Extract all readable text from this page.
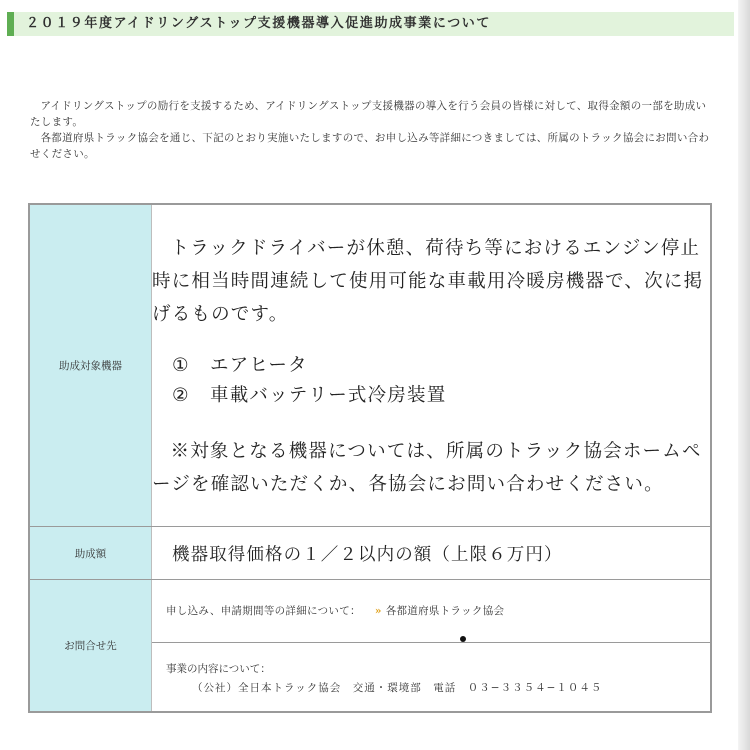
２０１９年度アイドリングストップ支援機器導入促進助成事業について

アイドリングストップの励行を支援するため、アイドリングストップ支援機器の導入を行う会員の皆様に対して、取得金額の一部を助成いたします。

各都道府県トラック協会を通じ、下記のとおり実施いたしますので、お申し込み等詳細につきましては、所属のトラック協会にお問い合わせください。

助成対象機器
トラックドライバーが休憩、荷待ち等におけるエンジン停止時に相当時間連続して使用可能な車載用冷暖房機器で、次に掲げるものです。
① エアヒータ
② 車載バッテリー式冷房装置
※対象となる機器については、所属のトラック協会ホームページを確認いただくか、各協会にお問い合わせください。
助成額	機器取得価格の１／２以内の額（上限６万円）
お問合せ先
申し込み、申請期間等の詳細について： » 各都道府県トラック協会
事業の内容について：
（公社）全日本トラック協会　交通・環境部　電話　０３−３３５４−１０４５
